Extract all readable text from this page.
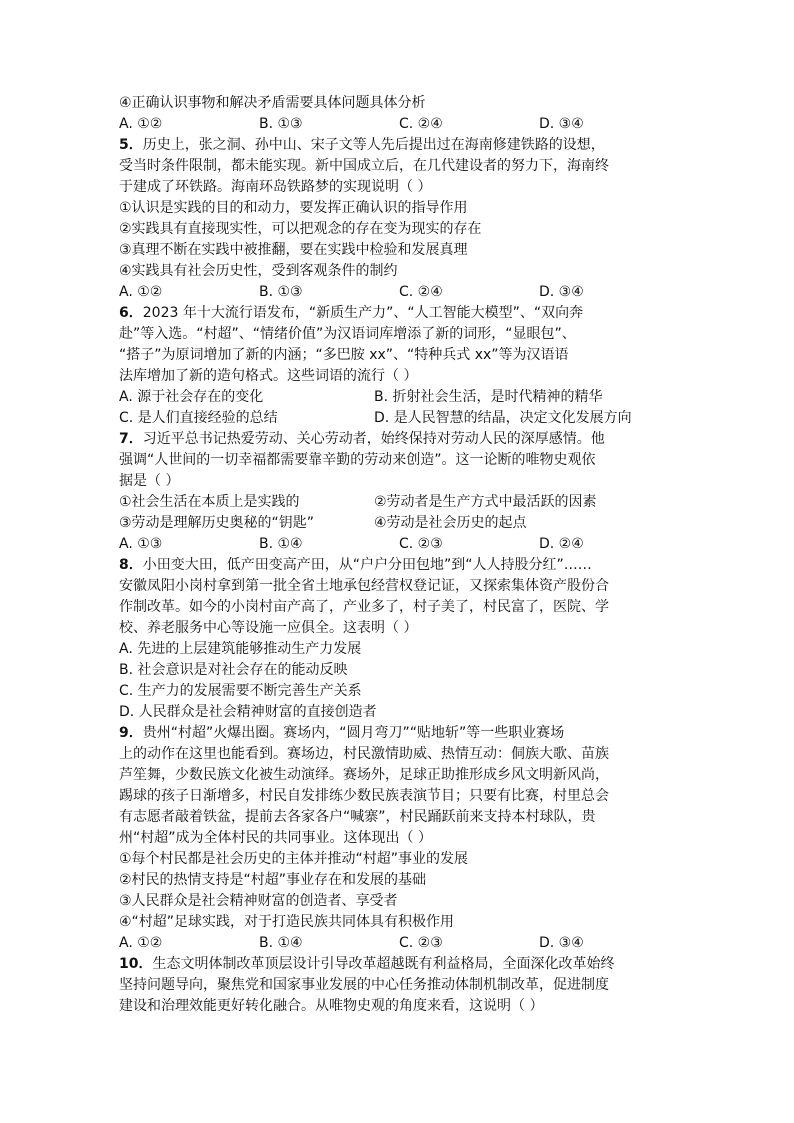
④正确认识事物和解决矛盾需要具体问题具体分析
A. ①②	B. ①③	C. ②④	D. ③④
5．历史上，张之洞、孙中山、宋子文等人先后提出过在海南修建铁路的设想，
受当时条件限制，都未能实现。新中国成立后，在几代建设者的努力下，海南终
于建成了环铁路。海南环岛铁路梦的实现说明（ ）
①认识是实践的目的和动力，要发挥正确认识的指导作用
②实践具有直接现实性，可以把观念的存在变为现实的存在
③真理不断在实践中被推翻，要在实践中检验和发展真理
④实践具有社会历史性，受到客观条件的制约
A. ①②	B. ①③	C. ②④	D. ③④
6．2023 年十大流行语发布，“新质生产力”、“人工智能大模型”、“双向奔
赴”等入选。“村超”、“情绪价值”为汉语词库增添了新的词形，“显眼包”、
“搭子”为原词增加了新的内涵；“多巴胺 xx”、“特种兵式 xx”等为汉语语
法库增加了新的造句格式。这些词语的流行（ ）
A. 源于社会存在的变化	B. 折射社会生活，是时代精神的精华
C. 是人们直接经验的总结	D. 是人民智慧的结晶，决定文化发展方向
7．习近平总书记热爱劳动、关心劳动者，始终保持对劳动人民的深厚感情。他
强调“人世间的一切幸福都需要靠辛勤的劳动来创造”。这一论断的唯物史观依
据是（ ）
①社会生活在本质上是实践的	②劳动者是生产方式中最活跃的因素
③劳动是理解历史奥秘的“钥匙”	④劳动是社会历史的起点
A. ①③	B. ①④	C. ②③	D. ②④
8．小田变大田，低产田变高产田，从“户户分田包地”到“人人持股分红”……
安徽凤阳小岗村拿到第一批全省土地承包经营权登记证，又探索集体资产股份合
作制改革。如今的小岗村亩产高了，产业多了，村子美了，村民富了，医院、学
校、养老服务中心等设施一应俱全。这表明（ ）
A. 先进的上层建筑能够推动生产力发展
B. 社会意识是对社会存在的能动反映
C. 生产力的发展需要不断完善生产关系
D. 人民群众是社会精神财富的直接创造者
9．贵州“村超”火爆出圈。赛场内，“圆月弯刀”“贴地斩”等一些职业赛场
上的动作在这里也能看到。赛场边，村民激情助威、热情互动：侗族大歌、苗族
芦笙舞，少数民族文化被生动演绎。赛场外，足球正助推形成乡风文明新风尚，
踢球的孩子日渐增多，村民自发排练少数民族表演节目；只要有比赛，村里总会
有志愿者敲着铁盆，提前去各家各户“喊寨”，村民踊跃前来支持本村球队，贵
州“村超”成为全体村民的共同事业。这体现出（ ）
①每个村民都是社会历史的主体并推动“村超”事业的发展
②村民的热情支持是“村超”事业存在和发展的基础
③人民群众是社会精神财富的创造者、享受者
④“村超”足球实践，对于打造民族共同体具有积极作用
A. ①②	B. ①④	C. ②③	D. ③④
10．生态文明体制改革顶层设计引导改革超越既有利益格局，全面深化改革始终
坚持问题导向，聚焦党和国家事业发展的中心任务推动体制机制改革，促进制度
建设和治理效能更好转化融合。从唯物史观的角度来看，这说明（ ）
